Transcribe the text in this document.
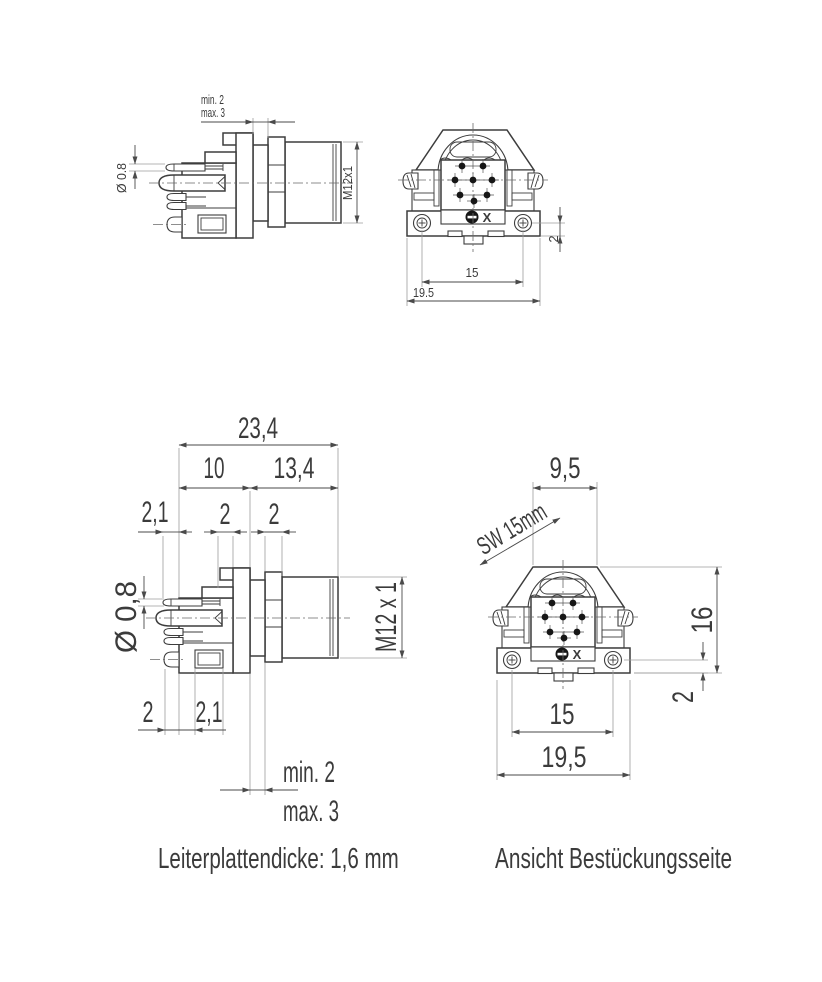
min. 2
max. 3
Ø 0.8	M12x1
2
15
19.5
23,4
10 13,4
2,1 2 2
Ø 0,8	M12 x 1
2 2,1
min. 2
max. 3
9,5
SW 15mm
16
2
15
19,5
Leiterplattendicke: 1,6 mm	Ansicht Bestückungsseite
